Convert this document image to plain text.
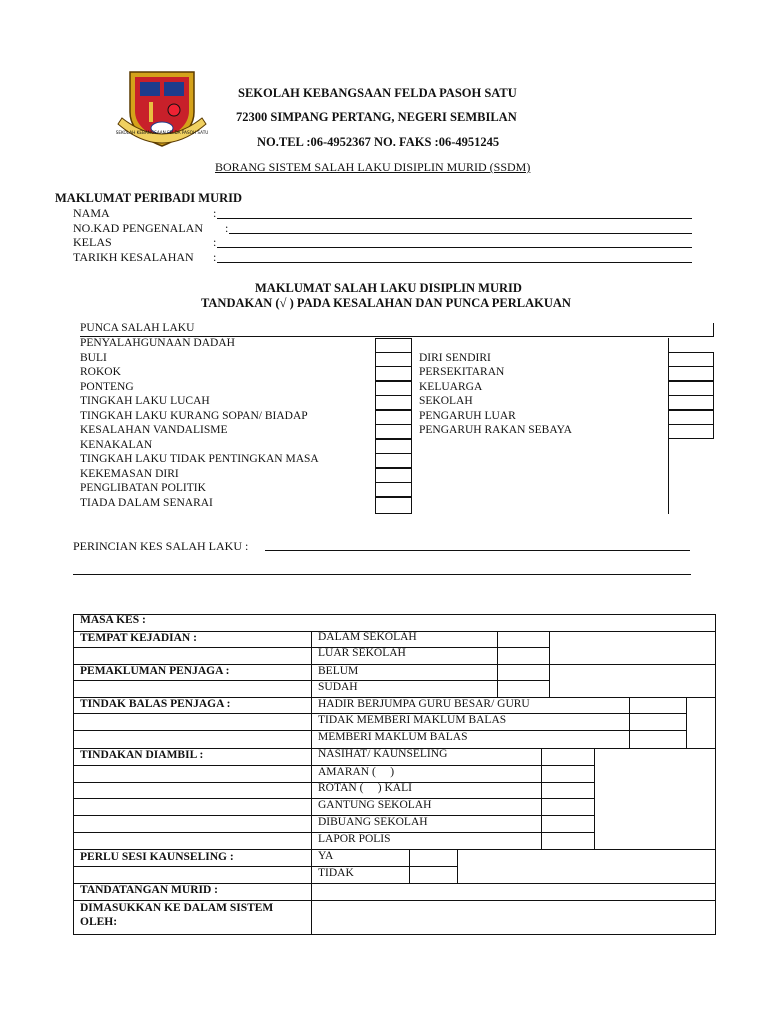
SEKOLAH KEBANGSAAN FELDA PASOH SATU
SEKOLAH KEBANGSAAN FELDA PASOH SATU
72300 SIMPANG PERTANG, NEGERI SEMBILAN
NO.TEL :06-4952367 NO. FAKS :06-4951245
BORANG SISTEM SALAH LAKU DISIPLIN MURID (SSDM)
MAKLUMAT PERIBADI MURID
NAMA
NO.KAD PENGENALAN
KELAS
TARIKH KESALAHAN
:
:
:
:
MAKLUMAT SALAH LAKU DISIPLIN MURID
TANDAKAN (√ ) PADA KESALAHAN DAN PUNCA PERLAKUAN
PUNCA SALAH LAKU
PENYALAHGUNAAN DADAH
BULI
ROKOK
PONTENG
TINGKAH LAKU LUCAH
TINGKAH LAKU KURANG SOPAN/ BIADAP
KESALAHAN VANDALISME
KENAKALAN
TINGKAH LAKU TIDAK PENTINGKAN MASA
KEKEMASAN DIRI
PENGLIBATAN POLITIK
TIADA DALAM SENARAI
DIRI SENDIRI
PERSEKITARAN
KELUARGA
SEKOLAH
PENGARUH LUAR
PENGARUH RAKAN SEBAYA
PERINCIAN KES SALAH LAKU :
MASA KES :
TEMPAT KEJADIAN :
PEMAKLUMAN PENJAGA :
TINDAK BALAS PENJAGA :
TINDAKAN DIAMBIL :
PERLU SESI KAUNSELING :
TANDATANGAN MURID :
DIMASUKKAN KE DALAM SISTEM OLEH:
DALAM SEKOLAH
LUAR SEKOLAH
BELUM
SUDAH
HADIR BERJUMPA GURU BESAR/ GURU
TIDAK MEMBERI MAKLUM BALAS
MEMBERI MAKLUM BALAS
NASIHAT/ KAUNSELING
AMARAN (     )
ROTAN (     ) KALI
GANTUNG SEKOLAH
DIBUANG SEKOLAH
LAPOR POLIS
YA
TIDAK
